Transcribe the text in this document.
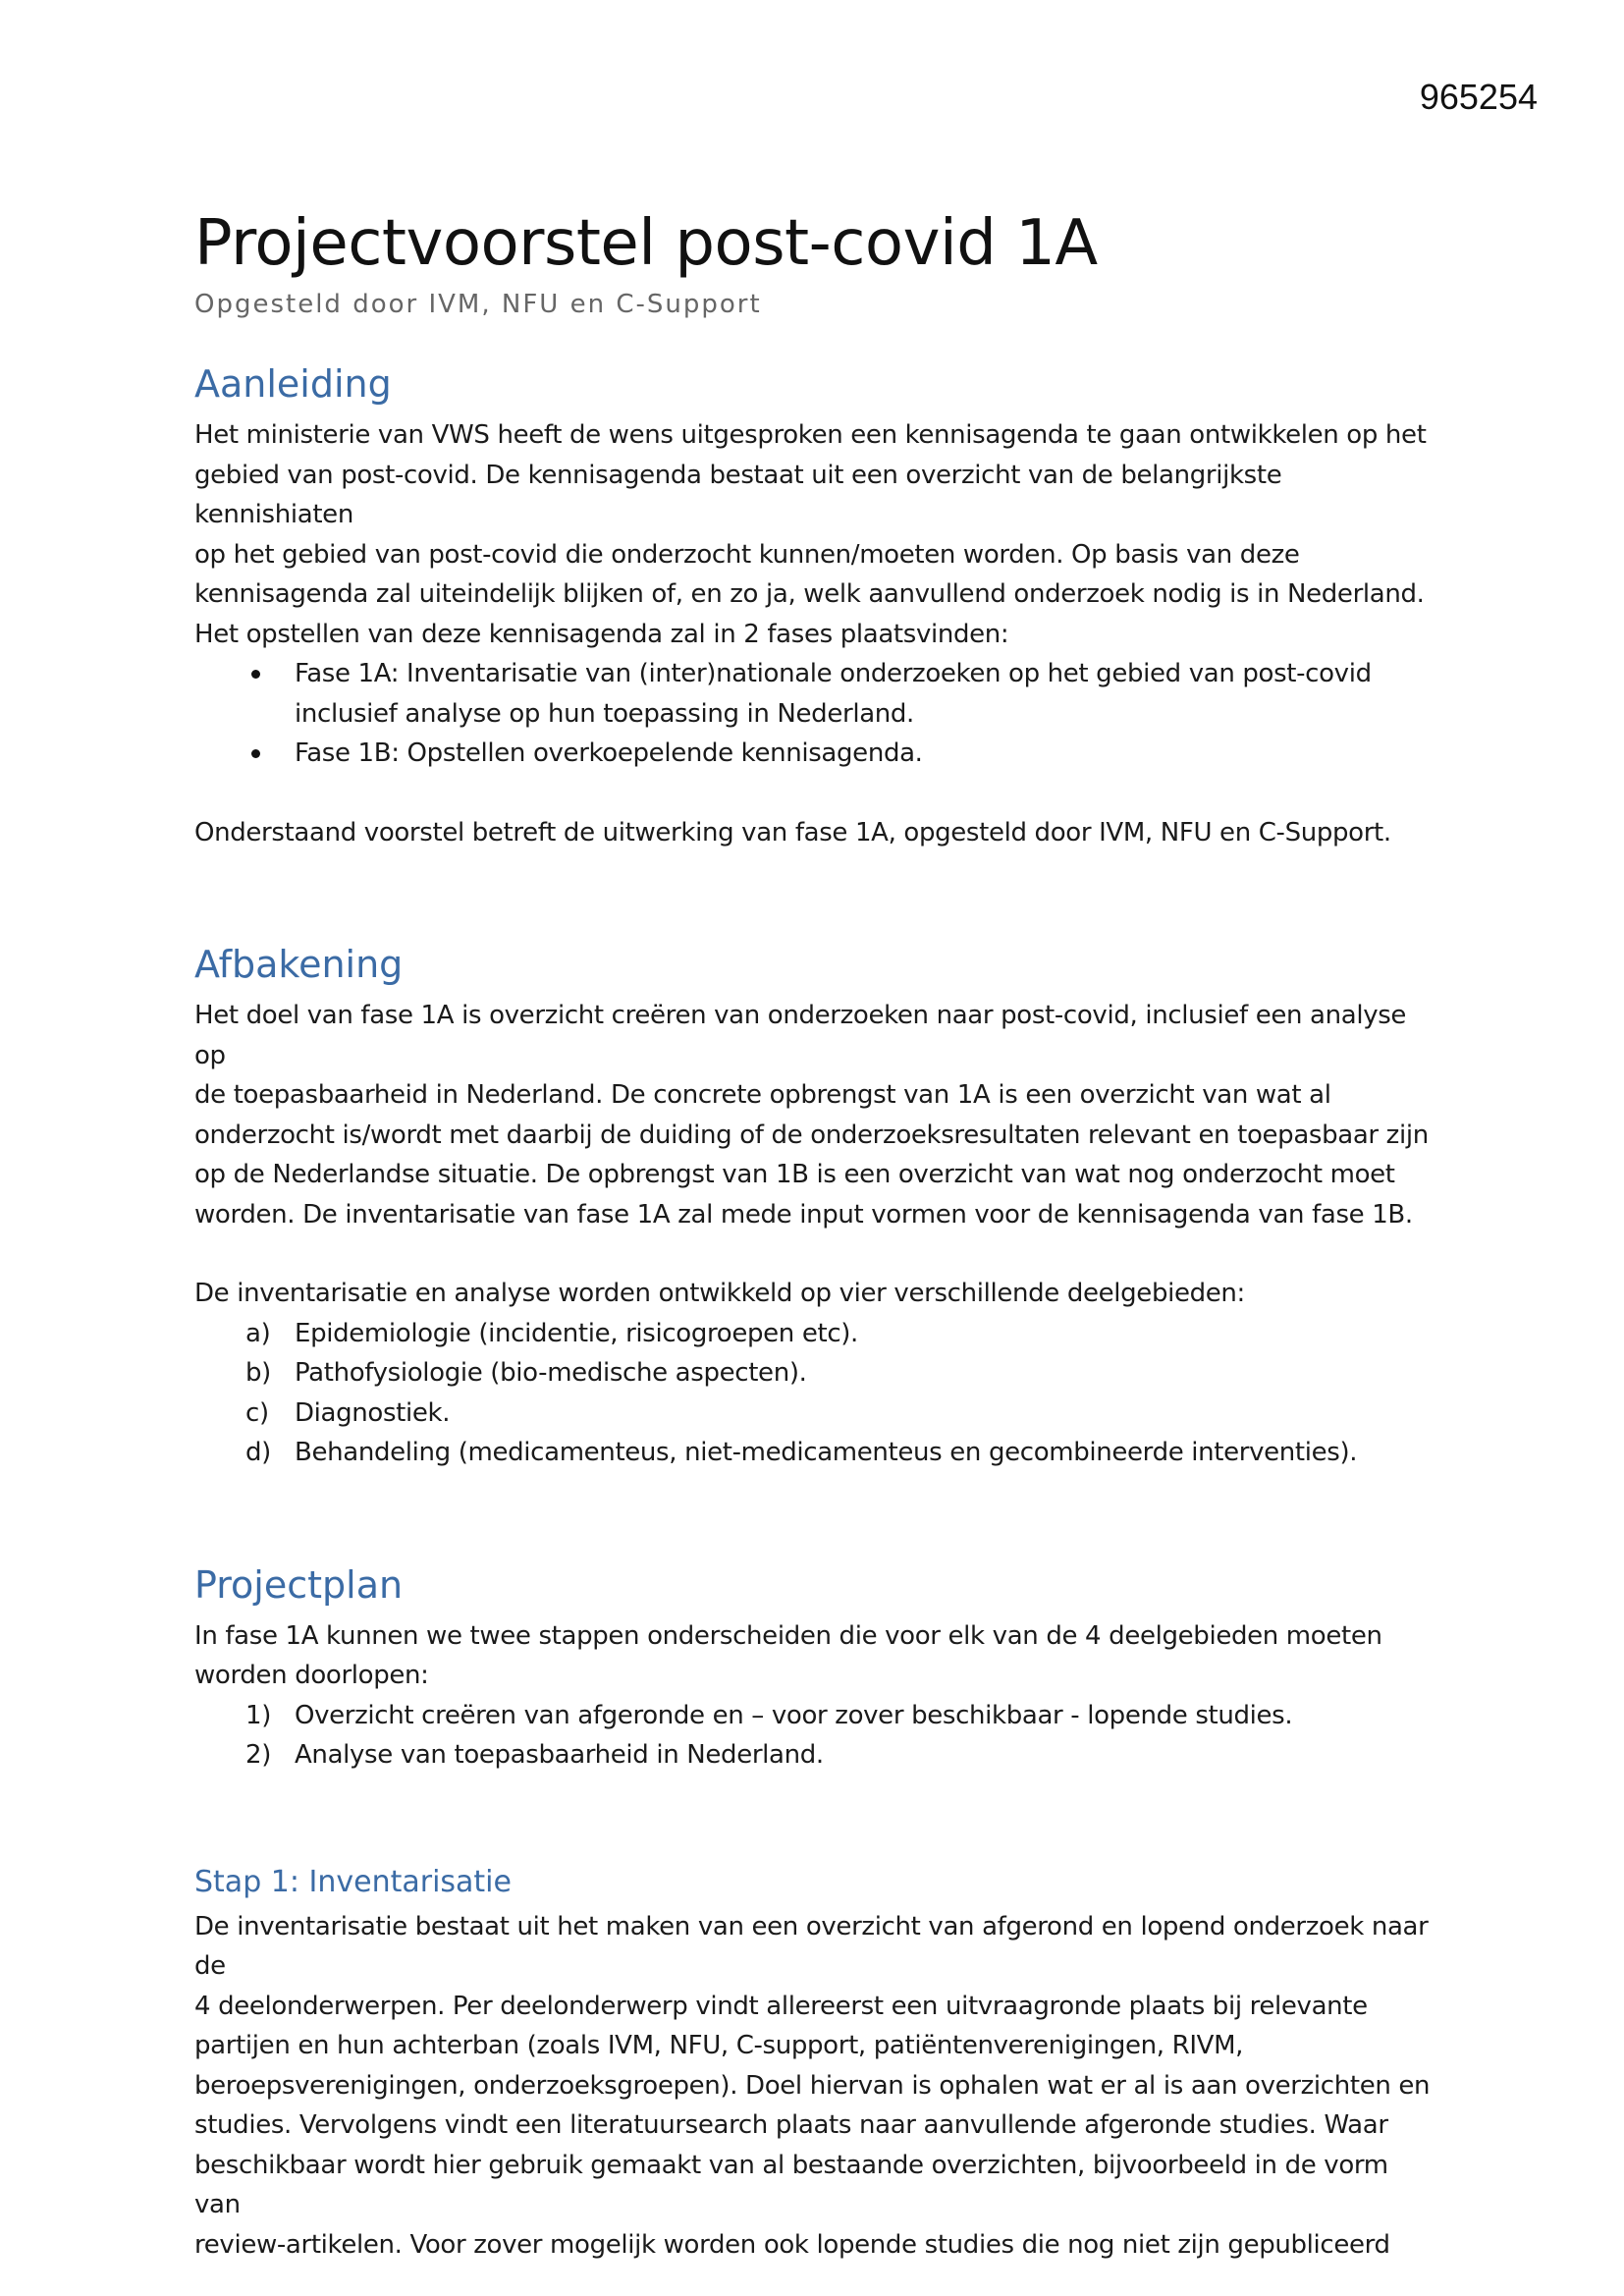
965254
Projectvoorstel post-covid 1A
Opgesteld door IVM, NFU en C-Support
Aanleiding

Het ministerie van VWS heeft de wens uitgesproken een kennisagenda te gaan ontwikkelen op het

gebied van post-covid. De kennisagenda bestaat uit een overzicht van de belangrijkste kennishiaten

op het gebied van post-covid die onderzocht kunnen/moeten worden. Op basis van deze

kennisagenda zal uiteindelijk blijken of, en zo ja, welk aanvullend onderzoek nodig is in Nederland.

Het opstellen van deze kennisagenda zal in 2 fases plaatsvinden:

Fase 1A: Inventarisatie van (inter)nationale onderzoeken op het gebied van post-covid
inclusief analyse op hun toepassing in Nederland.
Fase 1B: Opstellen overkoepelende kennisagenda.

Onderstaand voorstel betreft de uitwerking van fase 1A, opgesteld door IVM, NFU en C-Support.

Afbakening

Het doel van fase 1A is overzicht creëren van onderzoeken naar post-covid, inclusief een analyse op

de toepasbaarheid in Nederland. De concrete opbrengst van 1A is een overzicht van wat al

onderzocht is/wordt met daarbij de duiding of de onderzoeksresultaten relevant en toepasbaar zijn

op de Nederlandse situatie. De opbrengst van 1B is een overzicht van wat nog onderzocht moet

worden. De inventarisatie van fase 1A zal mede input vormen voor de kennisagenda van fase 1B.

De inventarisatie en analyse worden ontwikkeld op vier verschillende deelgebieden:

a) Epidemiologie (incidentie, risicogroepen etc).
b) Pathofysiologie (bio-medische aspecten).
c) Diagnostiek.
d) Behandeling (medicamenteus, niet-medicamenteus en gecombineerde interventies).
Projectplan

In fase 1A kunnen we twee stappen onderscheiden die voor elk van de 4 deelgebieden moeten

worden doorlopen:

1) Overzicht creëren van afgeronde en – voor zover beschikbaar - lopende studies.
2) Analyse van toepasbaarheid in Nederland.
Stap 1: Inventarisatie

De inventarisatie bestaat uit het maken van een overzicht van afgerond en lopend onderzoek naar de

4 deelonderwerpen. Per deelonderwerp vindt allereerst een uitvraagronde plaats bij relevante

partijen en hun achterban (zoals IVM, NFU, C-support, patiëntenverenigingen, RIVM,

beroepsverenigingen, onderzoeksgroepen). Doel hiervan is ophalen wat er al is aan overzichten en

studies. Vervolgens vindt een literatuursearch plaats naar aanvullende afgeronde studies. Waar

beschikbaar wordt hier gebruik gemaakt van al bestaande overzichten, bijvoorbeeld in de vorm van

review-artikelen. Voor zover mogelijk worden ook lopende studies die nog niet zijn gepubliceerd
